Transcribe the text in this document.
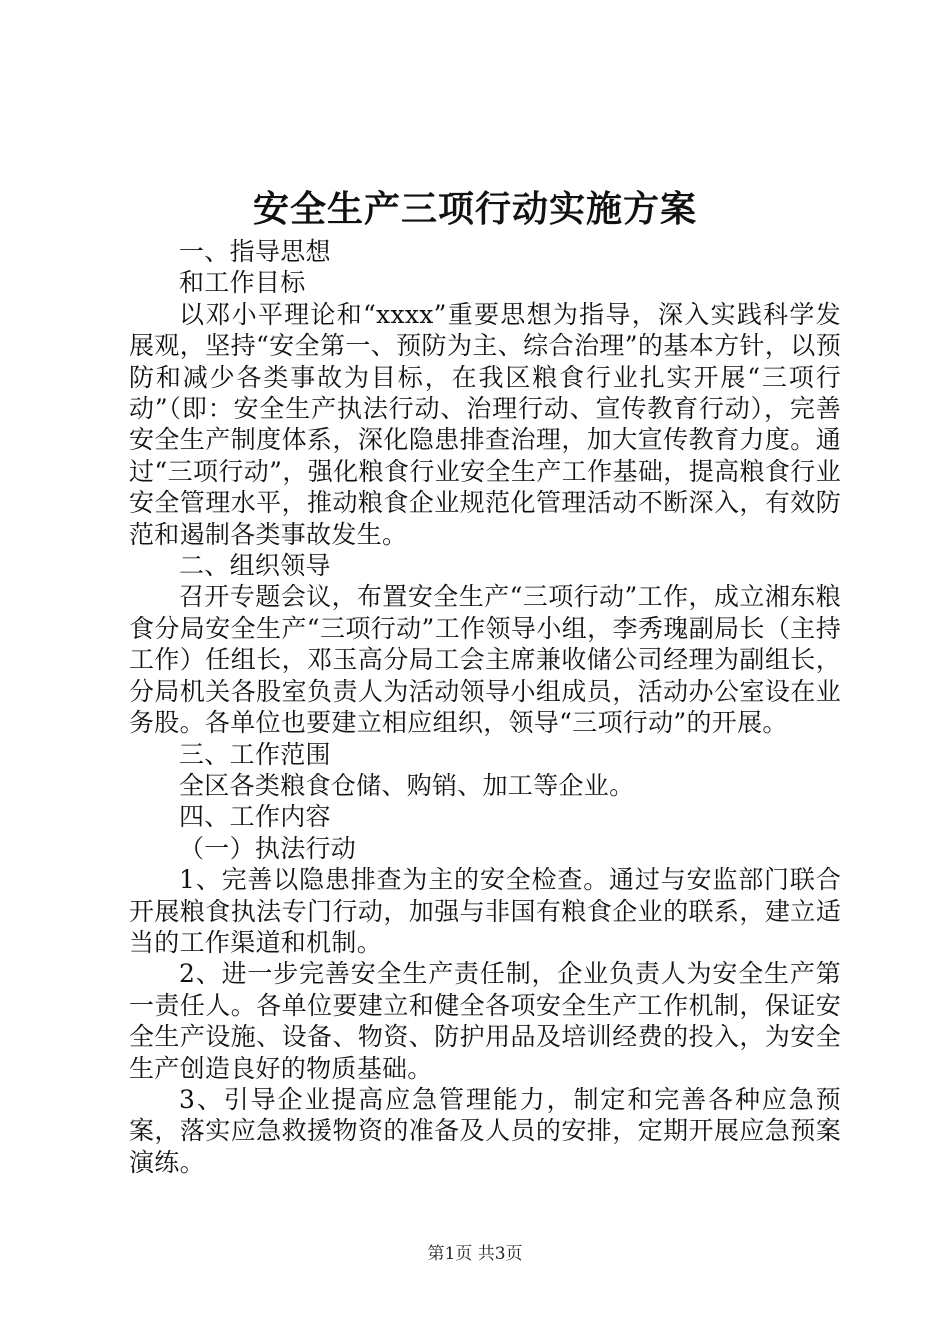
安全生产三项行动实施方案
一、指导思想
和工作目标

以邓小平理论和“xxxx”重要思想为指导，深入实践科学发展观，坚持“安全第一、预防为主、综合治理”的基本方针，以预防和减少各类事故为目标，在我区粮食行业扎实开展“三项行动”（即：安全生产执法行动、治理行动、宣传教育行动），完善安全生产制度体系，深化隐患排查治理，加大宣传教育力度。通过“三项行动”，强化粮食行业安全生产工作基础，提高粮食行业安全管理水平，推动粮食企业规范化管理活动不断深入，有效防范和遏制各类事故发生。

二、组织领导

召开专题会议，布置安全生产“三项行动”工作，成立湘东粮食分局安全生产“三项行动”工作领导小组，李秀瑰副局长（主持工作）任组长，邓玉高分局工会主席兼收储公司经理为副组长，分局机关各股室负责人为活动领导小组成员，活动办公室设在业务股。各单位也要建立相应组织，领导“三项行动”的开展。

三、工作范围
全区各类粮食仓储、购销、加工等企业。
四、工作内容
（一）执法行动

1、完善以隐患排查为主的安全检查。通过与安监部门联合开展粮食执法专门行动，加强与非国有粮食企业的联系，建立适当的工作渠道和机制。

2、进一步完善安全生产责任制，企业负责人为安全生产第一责任人。各单位要建立和健全各项安全生产工作机制，保证安全生产设施、设备、物资、防护用品及培训经费的投入，为安全生产创造良好的物质基础。

3、引导企业提高应急管理能力，制定和完善各种应急预案，落实应急救援物资的准备及人员的安排，定期开展应急预案演练。

第1页 共3页
